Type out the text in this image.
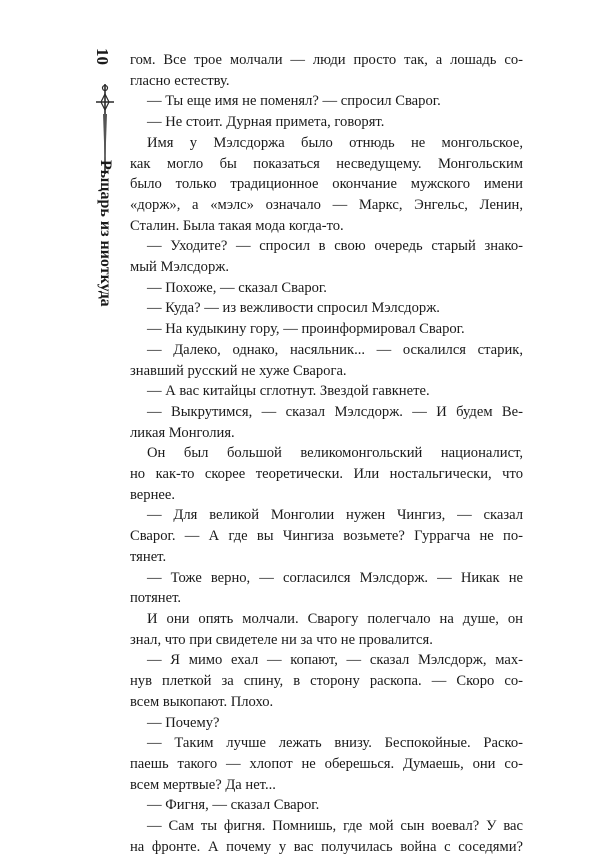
10
Рыцарь из ниоткуда
гом. Все трое молчали — люди просто так, а лошадь со-
гласно естеству.
— Ты еще имя не поменял? — спросил Сварог.
— Не стоит. Дурная примета, говорят.
Имя у Мэлсдоржа было отнюдь не монгольское,
как могло бы показаться несведущему. Монгольским
было только традиционное окончание мужского имени
«дорж», а «мэлс» означало — Маркс, Энгельс, Ленин,
Сталин. Была такая мода когда-то.
— Уходите? — спросил в свою очередь старый знако-
мый Мэлсдорж.
— Похоже, — сказал Сварог.
— Куда? — из вежливости спросил Мэлсдорж.
— На кудыкину гору, — проинформировал Сварог.
— Далеко, однако, насяльник... — оскалился старик,
знавший русский не хуже Сварога.
— А вас китайцы сглотнут. Звездой гавкнете.
— Выкрутимся, — сказал Мэлсдорж. — И будем Ве-
ликая Монголия.
Он был большой великомонгольский националист,
но как-то скорее теоретически. Или ностальгически, что
вернее.
— Для великой Монголии нужен Чингиз, — сказал
Сварог. — А где вы Чингиза возьмете? Гуррагча не по-
тянет.
— Тоже верно, — согласился Мэлсдорж. — Никак не
потянет.
И они опять молчали. Сварогу полегчало на душе, он
знал, что при свидетеле ни за что не провалится.
— Я мимо ехал — копают, — сказал Мэлсдорж, мах-
нув плеткой за спину, в сторону раскопа. — Скоро со-
всем выкопают. Плохо.
— Почему?
— Таким лучше лежать внизу. Беспокойные. Раско-
паешь такого — хлопот не оберешься. Думаешь, они со-
всем мертвые? Да нет...
— Фигня, — сказал Сварог.
— Сам ты фигня. Помнишь, где мой сын воевал? У вас
на фронте. А почему у вас получилась война с соседями?
